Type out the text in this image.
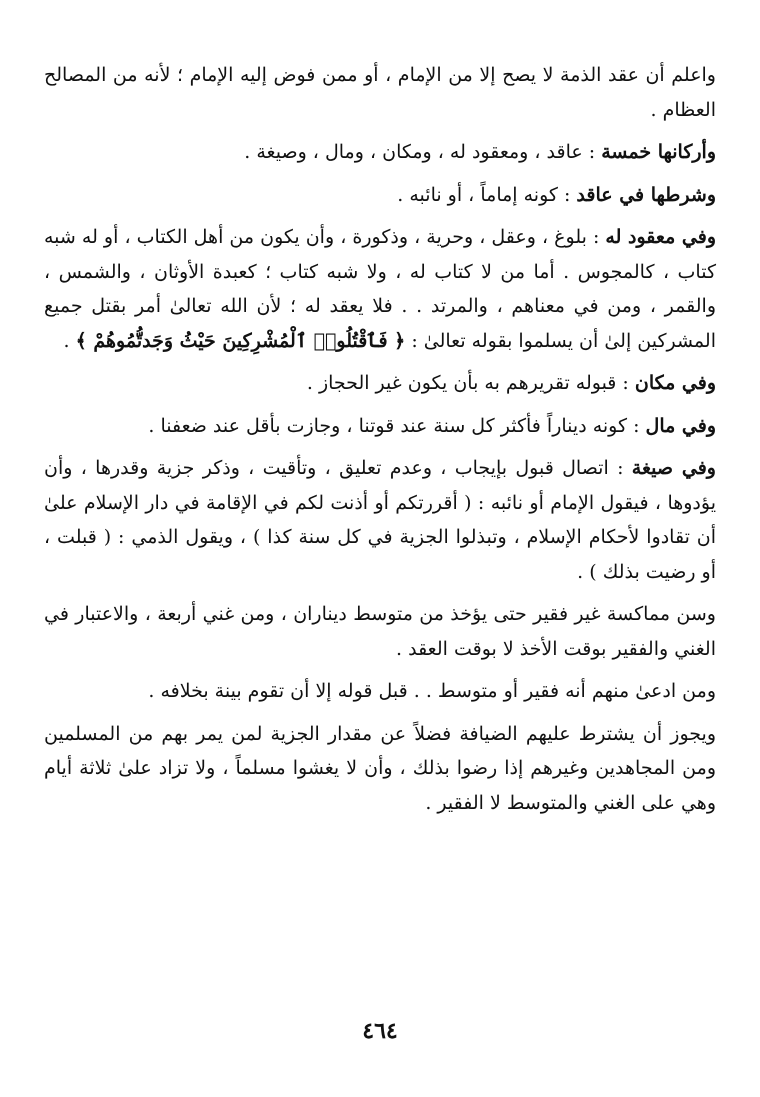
واعلم أن عقد الذمة لا يصح إلا من الإمام ، أو ممن فوض إليه الإمام ؛ لأنه من المصالح العظام .

وأركانها خمسة : عاقد ، ومعقود له ، ومكان ، ومال ، وصيغة .

وشرطها في عاقد : كونه إماماً ، أو نائبه .

وفي معقود له : بلوغ ، وعقل ، وحرية ، وذكورة ، وأن يكون من أهل الكتاب ، أو له شبه كتاب ، كالمجوس . أما من لا كتاب له ، ولا شبه كتاب ؛ كعبدة الأوثان ، والشمس ، والقمر ، ومن في معناهم ، والمرتد . . فلا يعقد له ؛ لأن الله تعالىٰ أمر بقتل جميع المشركين إلىٰ أن يسلموا بقوله تعالىٰ : ﴿ فَٱقْتُلُوا۟ ٱلْمُشْرِكِينَ حَيْثُ وَجَدتُّمُوهُمْ ﴾ .

وفي مكان : قبوله تقريرهم به بأن يكون غير الحجاز .

وفي مال : كونه ديناراً فأكثر كل سنة عند قوتنا ، وجازت بأقل عند ضعفنا .

وفي صيغة : اتصال قبول بإيجاب ، وعدم تعليق ، وتأقيت ، وذكر جزية وقدرها ، وأن يؤدوها ، فيقول الإمام أو نائبه : ( أقررتكم أو أذنت لكم في الإقامة في دار الإسلام علىٰ أن تقادوا لأحكام الإسلام ، وتبذلوا الجزية في كل سنة كذا ) ، ويقول الذمي : ( قبلت ، أو رضيت بذلك ) .

وسن مماكسة غير فقير حتى يؤخذ من متوسط ديناران ، ومن غني أربعة ، والاعتبار في الغني والفقير بوقت الأخذ لا بوقت العقد .

ومن ادعىٰ منهم أنه فقير أو متوسط . . قبل قوله إلا أن تقوم بينة بخلافه .

ويجوز أن يشترط عليهم الضيافة فضلاً عن مقدار الجزية لمن يمر بهم من المسلمين ومن المجاهدين وغيرهم إذا رضوا بذلك ، وأن لا يغشوا مسلماً ، ولا تزاد علىٰ ثلاثة أيام وهي على الغني والمتوسط لا الفقير .

٤٦٤
